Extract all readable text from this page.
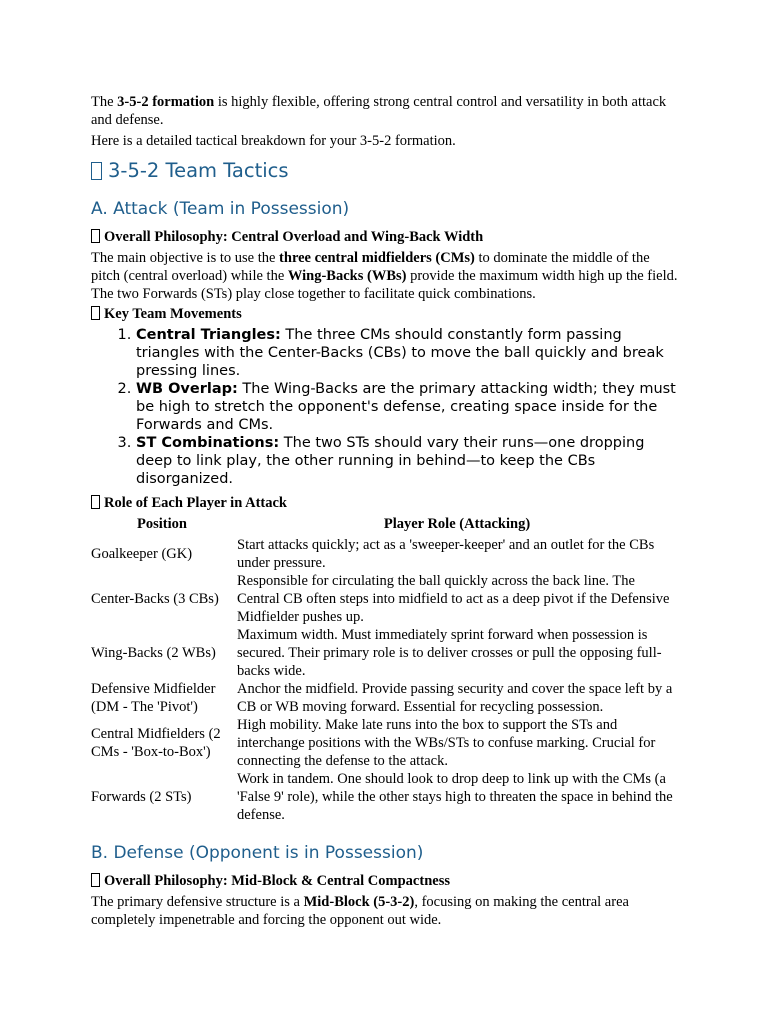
The 3-5-2 formation is highly flexible, offering strong central control and versatility in both attack and defense.

Here is a detailed tactical breakdown for your 3-5-2 formation.

3-5-2 Team Tactics
A. Attack (Team in Possession)
Overall Philosophy: Central Overload and Wing-Back Width

The main objective is to use the three central midfielders (CMs) to dominate the middle of the pitch (central overload) while the Wing-Backs (WBs) provide the maximum width high up the field. The two Forwards (STs) play close together to facilitate quick combinations.

Key Team Movements
1. Central Triangles: The three CMs should constantly form passing triangles with the Center-Backs (CBs) to move the ball quickly and break pressing lines.
2. WB Overlap: The Wing-Backs are the primary attacking width; they must be high to stretch the opponent's defense, creating space inside for the Forwards and CMs.
3. ST Combinations: The two STs should vary their runs—one dropping deep to link play, the other running in behind—to keep the CBs disorganized.
Role of Each Player in Attack
Position	Player Role (Attacking)
Goalkeeper (GK)	Start attacks quickly; act as a 'sweeper-keeper' and an outlet for the CBs under pressure.
Center-Backs (3 CBs)	Responsible for circulating the ball quickly across the back line. The Central CB often steps into midfield to act as a deep pivot if the Defensive Midfielder pushes up.
Wing-Backs (2 WBs)	Maximum width. Must immediately sprint forward when possession is secured. Their primary role is to deliver crosses or pull the opposing full-backs wide.
Defensive Midfielder (DM - The 'Pivot')	Anchor the midfield. Provide passing security and cover the space left by a CB or WB moving forward. Essential for recycling possession.
Central Midfielders (2 CMs - 'Box-to-Box')	High mobility. Make late runs into the box to support the STs and interchange positions with the WBs/STs to confuse marking. Crucial for connecting the defense to the attack.
Forwards (2 STs)	Work in tandem. One should look to drop deep to link up with the CMs (a 'False 9' role), while the other stays high to threaten the space in behind the defense.
B. Defense (Opponent is in Possession)
Overall Philosophy: Mid-Block & Central Compactness

The primary defensive structure is a Mid-Block (5-3-2), focusing on making the central area completely impenetrable and forcing the opponent out wide.
